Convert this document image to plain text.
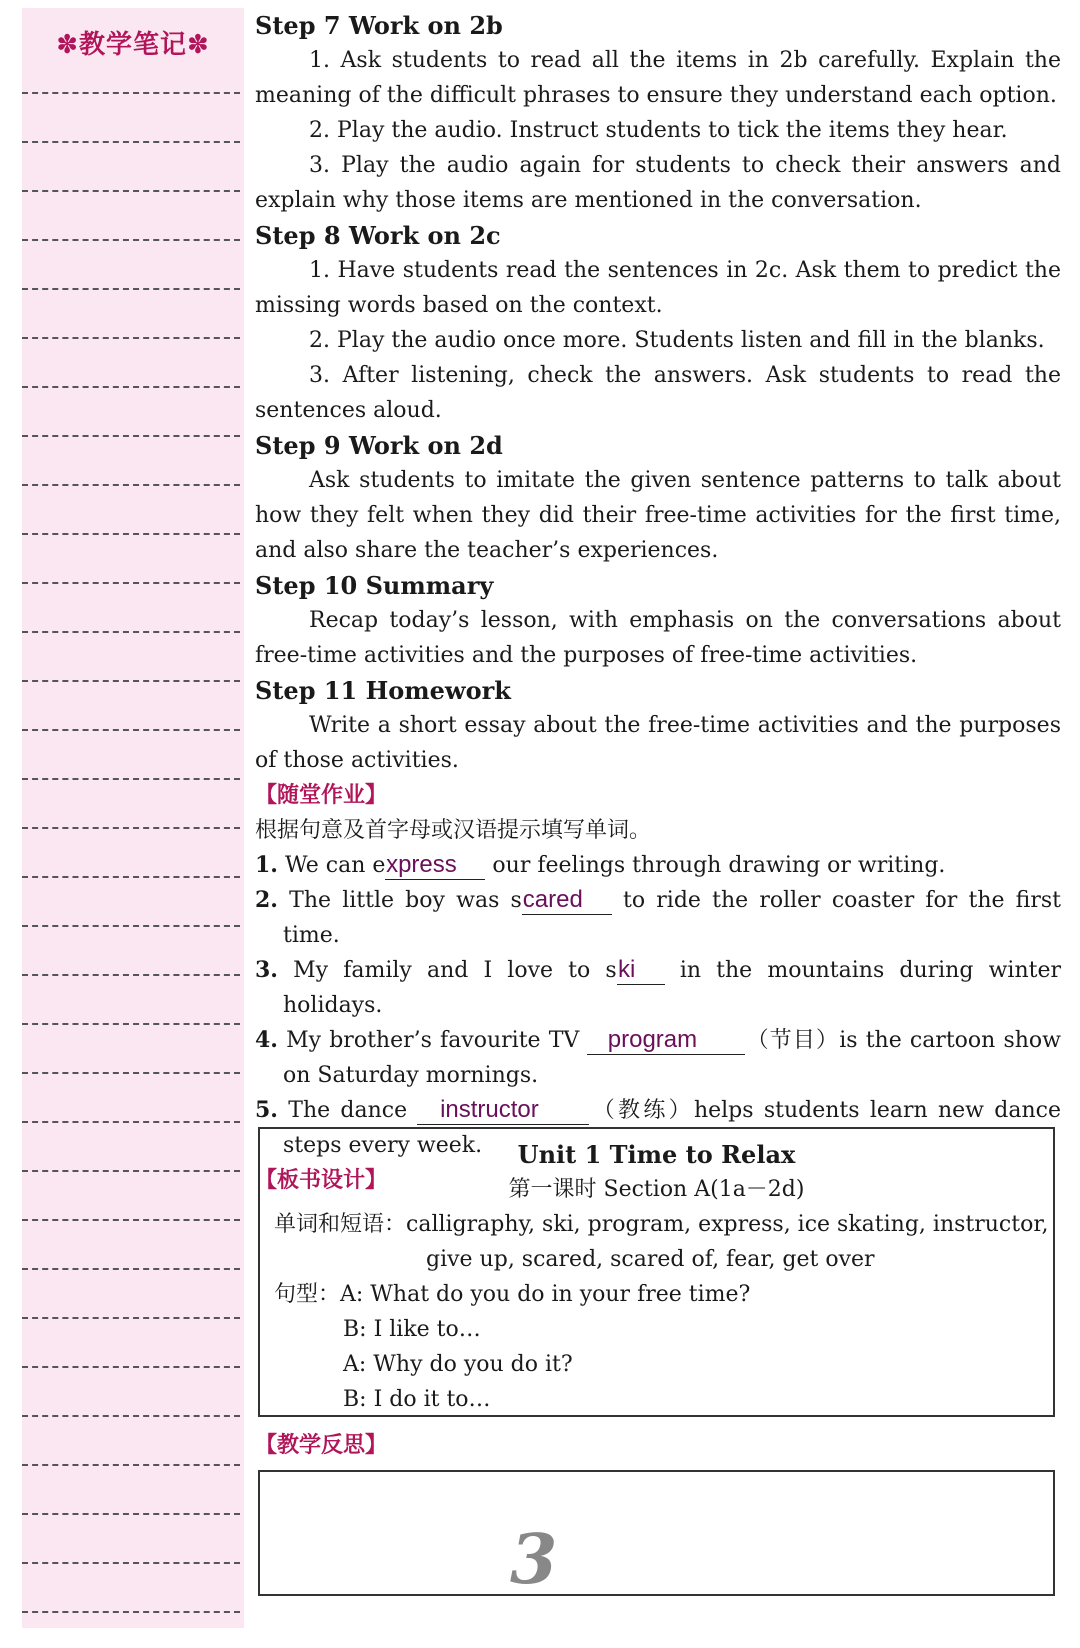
✽教学笔记✽
Step 7 Work on 2b
1. Ask students to read all the items in 2b carefully. Explain the meaning of the difficult phrases to ensure they understand each option.
2. Play the audio. Instruct students to tick the items they hear.
3. Play the audio again for students to check their answers and explain why those items are mentioned in the conversation.
Step 8 Work on 2c
1. Have students read the sentences in 2c. Ask them to predict the missing words based on the context.
2. Play the audio once more. Students listen and fill in the blanks.
3. After listening, check the answers. Ask students to read the sentences aloud.
Step 9 Work on 2d
Ask students to imitate the given sentence patterns to talk about how they felt when they did their free-time activities for the first time, and also share the teacher’s experiences.
Step 10 Summary
Recap today’s lesson, with emphasis on the conversations about free-time activities and the purposes of free-time activities.
Step 11 Homework
Write a short essay about the free-time activities and the purposes of those activities.
【随堂作业】
根据句意及首字母或汉语提示填写单词。
1. We can express our feelings through drawing or writing.
2. The little boy was scared to ride the roller coaster for the first time.
3. My family and I love to ski in the mountains during winter holidays.
4. My brother’s favourite TV program （节目）is the cartoon show on Saturday mornings.
5. The dance instructor （教练）helps students learn new dance steps every week.
【板书设计】
Unit 1 Time to Relax
第一课时 Section A(1a－2d)
单词和短语：calligraphy, ski, program, express, ice skating, instructor,
give up, scared, scared of, fear, get over
句型：A: What do you do in your free time?
B: I like to…
A: Why do you do it?
B: I do it to…
【教学反思】
3
